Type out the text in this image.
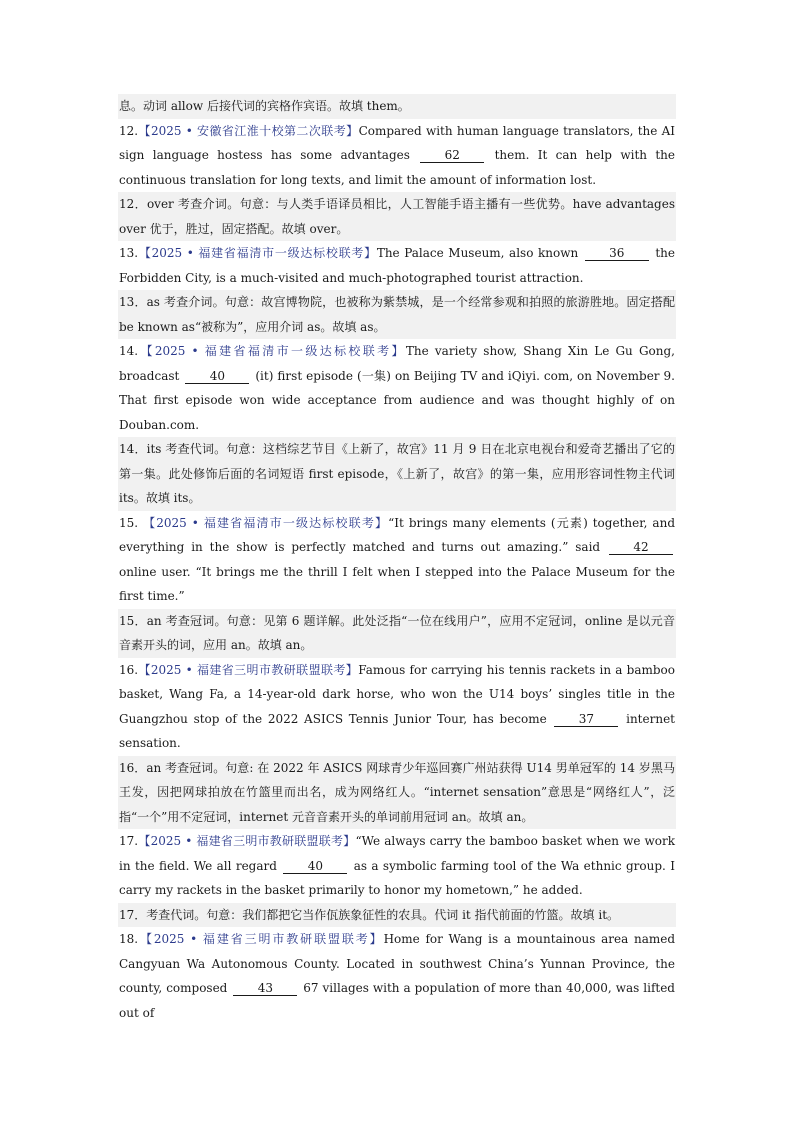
息。动词 allow 后接代词的宾格作宾语。故填 them。

12.【2025 • 安徽省江淮十校第二次联考】Compared with human language translators, the AI sign language hostess has some advantages 62 them. It can help with the continuous translation for long texts, and limit the amount of information lost.

12．over 考查介词。句意：与人类手语译员相比，人工智能手语主播有一些优势。have advantages over 优于，胜过，固定搭配。故填 over。

13.【2025 • 福建省福清市一级达标校联考】The Palace Museum, also known 36 the Forbidden City, is a much-visited and much-photographed tourist attraction.

13．as 考查介词。句意：故宫博物院，也被称为紫禁城，是一个经常参观和拍照的旅游胜地。固定搭配 be known as“被称为”，应用介词 as。故填 as。

14.【2025 • 福建省福清市一级达标校联考】The variety show, Shang Xin Le Gu Gong, broadcast 40 (it) first episode (一集) on Beijing TV and iQiyi. com, on November 9. That first episode won wide acceptance from audience and was thought highly of on Douban.com.

14．its 考查代词。句意：这档综艺节目《上新了，故宫》11 月 9 日在北京电视台和爱奇艺播出了它的第一集。此处修饰后面的名词短语 first episode，《上新了，故宫》的第一集，应用形容词性物主代词 its。故填 its。

15. 【2025 • 福建省福清市一级达标校联考】“It brings many elements (元素) together, and everything in the show is perfectly matched and turns out amazing.” said 42 online user. “It brings me the thrill I felt when I stepped into the Palace Museum for the first time.”

15．an 考查冠词。句意：见第 6 题详解。此处泛指“一位在线用户”，应用不定冠词，online 是以元音音素开头的词，应用 an。故填 an。

16.【2025 • 福建省三明市教研联盟联考】Famous for carrying his tennis rackets in a bamboo basket, Wang Fa, a 14-year-old dark horse, who won the U14 boys’ singles title in the Guangzhou stop of the 2022 ASICS Tennis Junior Tour, has become 37 internet sensation.

16．an 考查冠词。句意: 在 2022 年 ASICS 网球青少年巡回赛广州站获得 U14 男单冠军的 14 岁黑马王发，因把网球拍放在竹篮里而出名，成为网络红人。“internet sensation”意思是“网络红人”，泛指“一个”用不定冠词，internet 元音音素开头的单词前用冠词 an。故填 an。

17.【2025 • 福建省三明市教研联盟联考】“We always carry the bamboo basket when we work in the field. We all regard 40 as a symbolic farming tool of the Wa ethnic group. I carry my rackets in the basket primarily to honor my hometown,” he added.

17．考查代词。句意：我们都把它当作佤族象征性的农具。代词 it 指代前面的竹篮。故填 it。

18.【2025 • 福建省三明市教研联盟联考】Home for Wang is a mountainous area named Cangyuan Wa Autonomous County. Located in southwest China’s Yunnan Province, the county, composed 43 67 villages with a population of more than 40,000, was lifted out of
